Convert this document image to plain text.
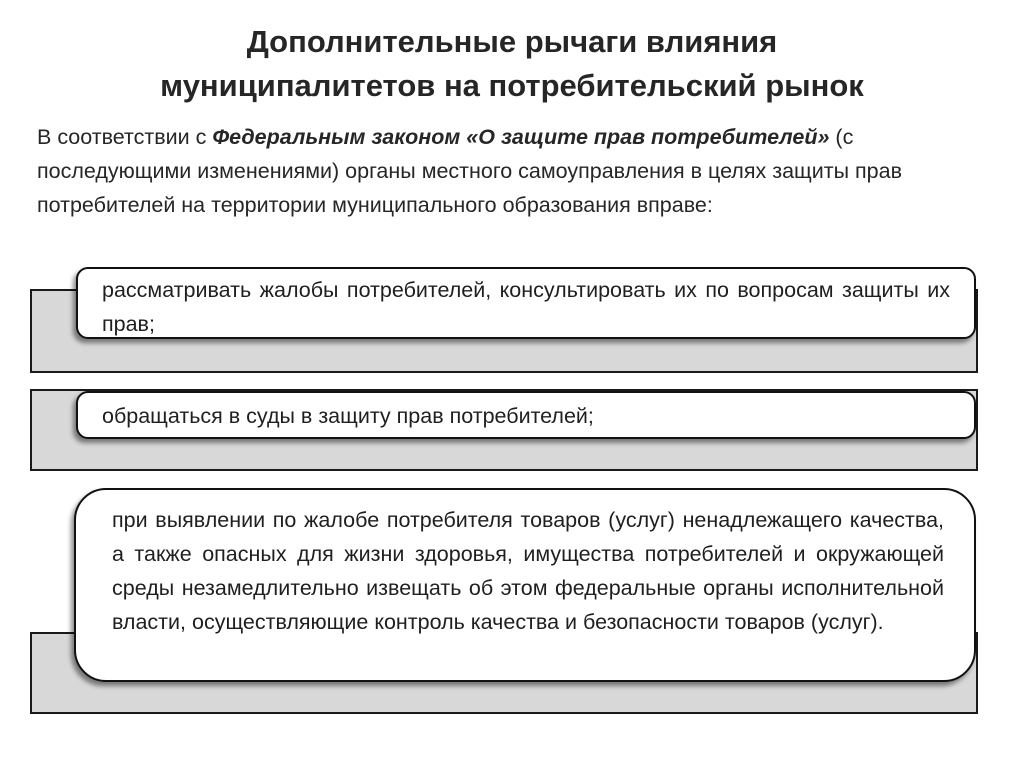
Дополнительные рычаги влияния
муниципалитетов на потребительский рынок

В соответствии с Федеральным законом «О защите прав потребителей» (с последующими изменениями) органы местного самоуправления в целях защиты прав потребителей на территории муниципального образования вправе:

рассматривать жалобы потребителей, консультировать их по вопросам защиты их прав;

обращаться в суды в защиту прав потребителей;

при выявлении по жалобе потребителя товаров (услуг) ненадлежащего качества, а также опасных для жизни здоровья, имущества потребителей и окружающей среды незамедлительно извещать об этом федеральные органы исполнительной власти, осуществляющие контроль качества и безопасности товаров (услуг).
